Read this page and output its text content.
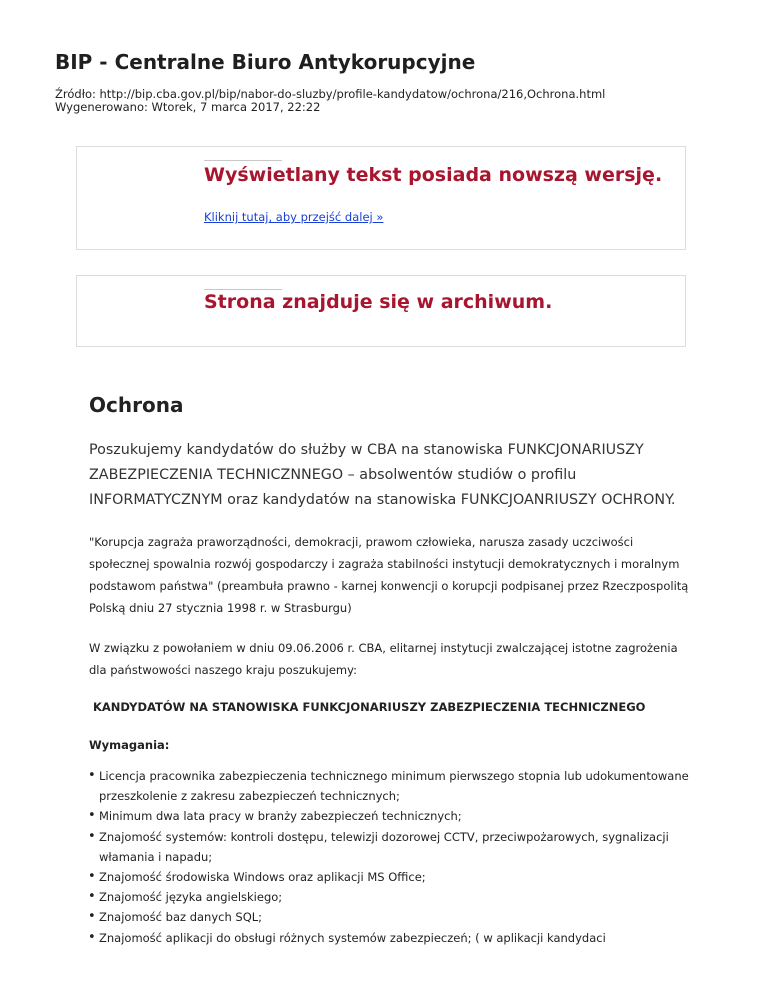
BIP - Centralne Biuro Antykorupcyjne
Źródło: http://bip.cba.gov.pl/bip/nabor-do-sluzby/profile-kandydatow/ochrona/216,Ochrona.html
Wygenerowano: Wtorek, 7 marca 2017, 22:22
Wyświetlany tekst posiada nowszą wersję.
Kliknij tutaj, aby przejść dalej »
Strona znajduje się w archiwum.
Ochrona

Poszukujemy kandydatów do służby w CBA na stanowiska FUNKCJONARIUSZY ZABEZPIECZENIA TECHNICZNNEGO – absolwentów studiów o profilu INFORMATYCZNYM oraz kandydatów na stanowiska FUNKCJOANRIUSZY OCHRONY.

"Korupcja zagraża praworządności, demokracji, prawom człowieka, narusza zasady uczciwości społecznej spowalnia rozwój gospodarczy i zagraża stabilności instytucji demokratycznych i moralnym podstawom państwa" (preambuła prawno - karnej konwencji o korupcji podpisanej przez Rzeczpospolitą Polską dniu 27 stycznia 1998 r. w Strasburgu)

W związku z powołaniem w dniu 09.06.2006 r. CBA, elitarnej instytucji zwalczającej istotne zagrożenia dla państwowości naszego kraju poszukujemy:

KANDYDATÓW NA STANOWISKA FUNKCJONARIUSZY ZABEZPIECZENIA TECHNICZNEGO
Wymagania:
• Licencja pracownika zabezpieczenia technicznego minimum pierwszego stopnia lub udokumentowane przeszkolenie z zakresu zabezpieczeń technicznych;
• Minimum dwa lata pracy w branży zabezpieczeń technicznych;
• Znajomość systemów: kontroli dostępu, telewizji dozorowej CCTV, przeciwpożarowych, sygnalizacji włamania i napadu;
• Znajomość środowiska Windows oraz aplikacji MS Office;
• Znajomość języka angielskiego;
• Znajomość baz danych SQL;
• Znajomość aplikacji do obsługi różnych systemów zabezpieczeń; ( w aplikacji kandydaci
